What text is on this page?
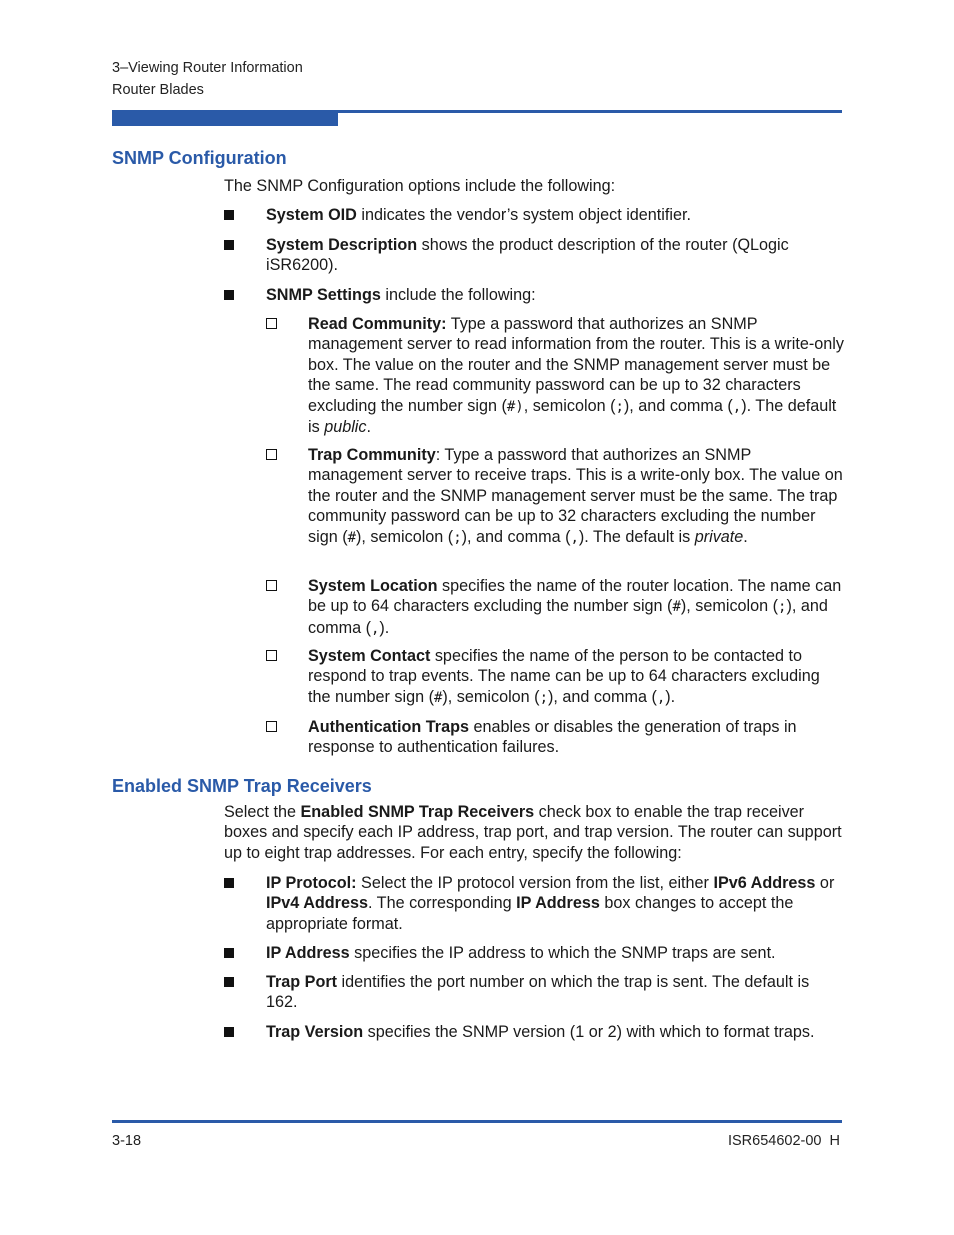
3–Viewing Router Information
Router Blades
SNMP Configuration
The SNMP Configuration options include the following:
System OID indicates the vendor’s system object identifier.
System Description shows the product description of the router (QLogic iSR6200).
SNMP Settings include the following:
Read Community: Type a password that authorizes an SNMP management server to read information from the router. This is a write-only box. The value on the router and the SNMP management server must be the same. The read community password can be up to 32 characters excluding the number sign (#), semicolon (;), and comma (,). The default is public.
Trap Community: Type a password that authorizes an SNMP management server to receive traps. This is a write-only box. The value on the router and the SNMP management server must be the same. The trap community password can be up to 32 characters excluding the number sign (#), semicolon (;), and comma (,). The default is private.
System Location specifies the name of the router location. The name can be up to 64 characters excluding the number sign (#), semicolon (;), and comma (,).
System Contact specifies the name of the person to be contacted to respond to trap events. The name can be up to 64 characters excluding the number sign (#), semicolon (;), and comma (,).
Authentication Traps enables or disables the generation of traps in response to authentication failures.
Enabled SNMP Trap Receivers
Select the Enabled SNMP Trap Receivers check box to enable the trap receiver boxes and specify each IP address, trap port, and trap version. The router can support up to eight trap addresses. For each entry, specify the following:
IP Protocol: Select the IP protocol version from the list, either IPv6 Address or IPv4 Address. The corresponding IP Address box changes to accept the appropriate format.
IP Address specifies the IP address to which the SNMP traps are sent.
Trap Port identifies the port number on which the trap is sent. The default is 162.
Trap Version specifies the SNMP version (1 or 2) with which to format traps.
3-18	ISR654602-00  H
